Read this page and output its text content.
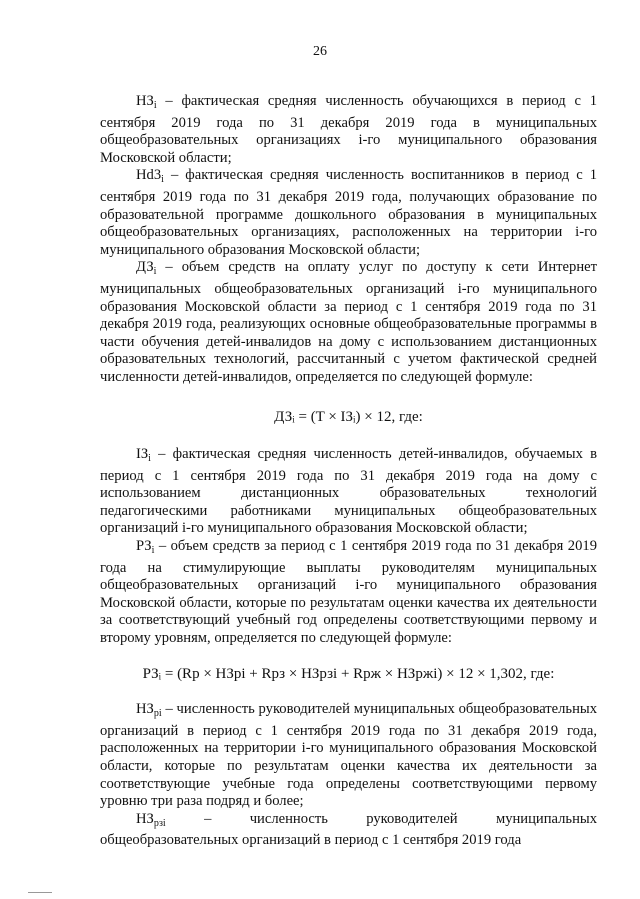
26

$НЗ_i$ – фактическая средняя численность обучающихся в период с 1 сентября 2019 года по 31 декабря 2019 года в муниципальных общеобразовательных организациях i-го муниципального образования Московской области;

$Нd3_i$ – фактическая средняя численность воспитанников в период с 1 сентября 2019 года по 31 декабря 2019 года, получающих образование по образовательной программе дошкольного образования в муниципальных общеобразовательных организациях, расположенных на территории i-го муниципального образования Московской области;

$ДЗ_i$ – объем средств на оплату услуг по доступу к сети Интернет муниципальных общеобразовательных организаций i-го муниципального образования Московской области за период с 1 сентября 2019 года по 31 декабря 2019 года, реализующих основные общеобразовательные программы в части обучения детей-инвалидов на дому с использованием дистанционных образовательных технологий, рассчитанный с учетом фактической средней численности детей-инвалидов, определяется по следующей формуле:

ДЗᵢ = (T × IЗᵢ) × 12, где:

$IЗ_i$ – фактическая средняя численность детей-инвалидов, обучаемых в период с 1 сентября 2019 года по 31 декабря 2019 года на дому с использованием дистанционных образовательных технологий педагогическими работниками муниципальных общеобразовательных организаций i-го муниципального образования Московской области;

$РЗ_i$ – объем средств за период с 1 сентября 2019 года по 31 декабря 2019 года на стимулирующие выплаты руководителям муниципальных общеобразовательных организаций i-го муниципального образования Московской области, которые по результатам оценки качества их деятельности за соответствующий учебный год определены соответствующими первому и второму уровням, определяется по следующей формуле:

РЗᵢ = (Rр × НЗрi + Rрз × НЗрзi + Rрж × НЗржi) × 12 × 1,302, где:

$НЗ_{рi}$ – численность руководителей муниципальных общеобразовательных организаций в период с 1 сентября 2019 года по 31 декабря 2019 года, расположенных на территории i-го муниципального образования Московской области, которые по результатам оценки качества их деятельности за соответствующие учебные года определены соответствующими первому уровню три раза подряд и более;

$НЗ_{рзi}$ – численность руководителей муниципальных общеобразовательных организаций в период с 1 сентября 2019 года
